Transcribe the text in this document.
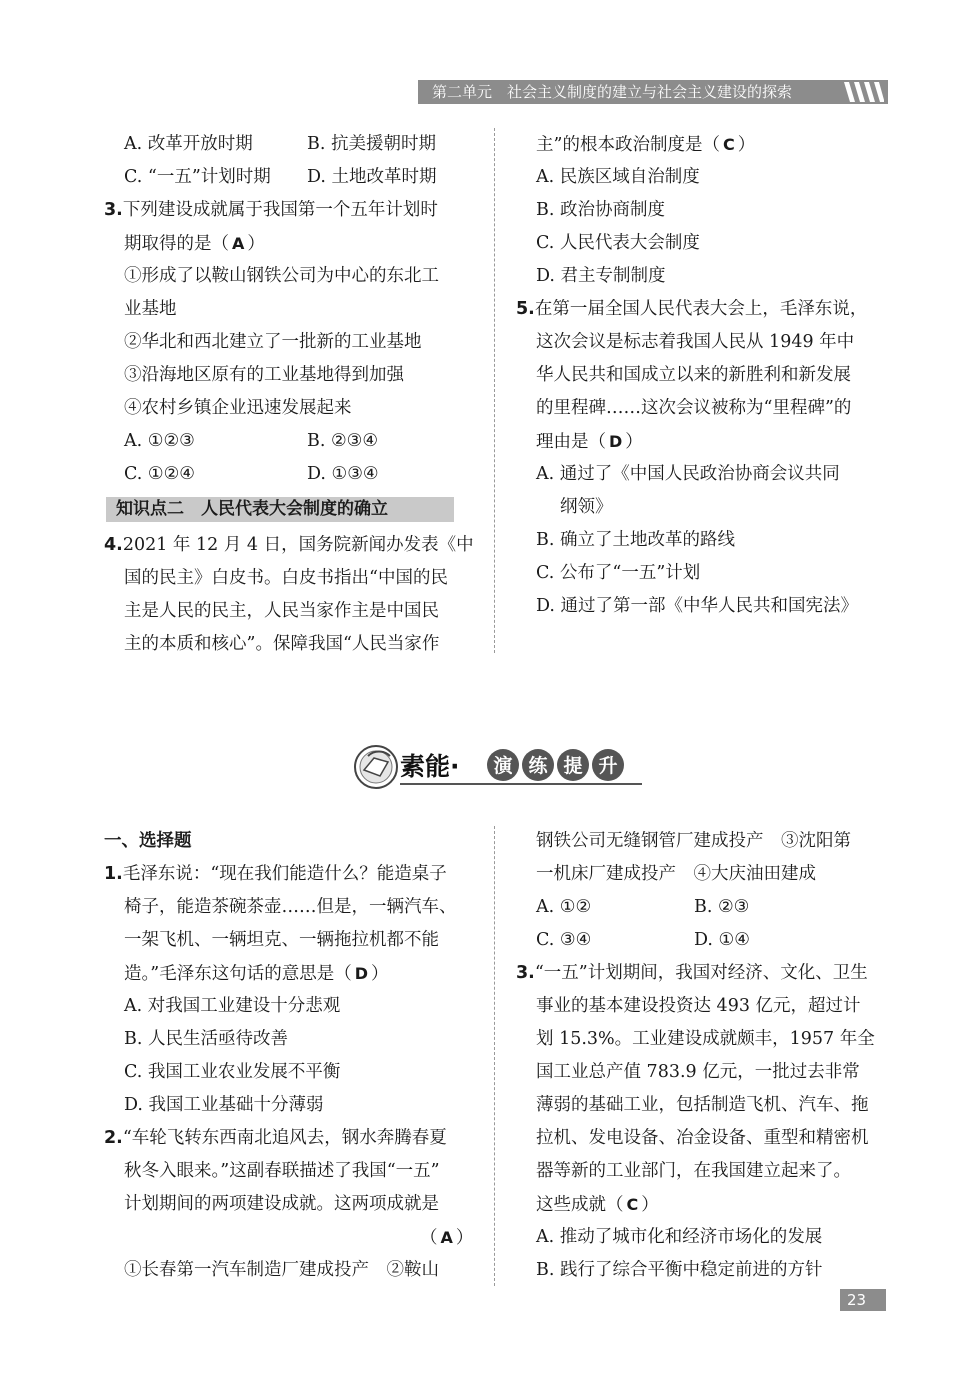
第二单元　社会主义制度的建立与社会主义建设的探索
A. 改革开放时期	B. 抗美援朝时期
C. “一五”计划时期 D. 土地改革时期
3.下列建设成就属于我国第一个五年计划时
期取得的是（ A ）
①形成了以鞍山钢铁公司为中心的东北工
业基地
②华北和西北建立了一批新的工业基地
③沿海地区原有的工业基地得到加强
④农村乡镇企业迅速发展起来
A. ①②③	B. ②③④
C. ①②④	D. ①③④
4.2021 年 12 月 4 日，国务院新闻办发表《中
国的民主》白皮书。白皮书指出“中国的民
主是人民的民主，人民当家作主是中国民
主的本质和核心”。保障我国“人民当家作
知识点二　人民代表大会制度的确立
主”的根本政治制度是（ C ）
A. 民族区域自治制度
B. 政治协商制度
C. 人民代表大会制度
D. 君主专制制度
5.在第一届全国人民代表大会上，毛泽东说，
这次会议是标志着我国人民从 1949 年中
华人民共和国成立以来的新胜利和新发展
的里程碑……这次会议被称为“里程碑”的
理由是（ D ）
A. 通过了《中国人民政治协商会议共同
纲领》
B. 确立了土地改革的路线
C. 公布了“一五”计划
D. 通过了第一部《中华人民共和国宪法》
素能· 演 练 提 升
一、选择题
1.毛泽东说：“现在我们能造什么？能造桌子
椅子，能造茶碗茶壶……但是，一辆汽车、
一架飞机、一辆坦克、一辆拖拉机都不能
造。”毛泽东这句话的意思是（ D ）
A. 对我国工业建设十分悲观
B. 人民生活亟待改善
C. 我国工业农业发展不平衡
D. 我国工业基础十分薄弱
2.“车轮飞转东西南北追风去，钢水奔腾春夏
秋冬入眼来。”这副春联描述了我国“一五”
计划期间的两项建设成就。这两项成就是
（ A ）
①长春第一汽车制造厂建成投产　②鞍山
钢铁公司无缝钢管厂建成投产　③沈阳第
一机床厂建成投产　④大庆油田建成
A. ①②	B. ②③
C. ③④	D. ①④
3.“一五”计划期间，我国对经济、文化、卫生
事业的基本建设投资达 493 亿元，超过计
划 15.3%。工业建设成就颇丰，1957 年全
国工业总产值 783.9 亿元，一批过去非常
薄弱的基础工业，包括制造飞机、汽车、拖
拉机、发电设备、冶金设备、重型和精密机
器等新的工业部门，在我国建立起来了。
这些成就（ C ）
A. 推动了城市化和经济市场化的发展
B. 践行了综合平衡中稳定前进的方针
23
